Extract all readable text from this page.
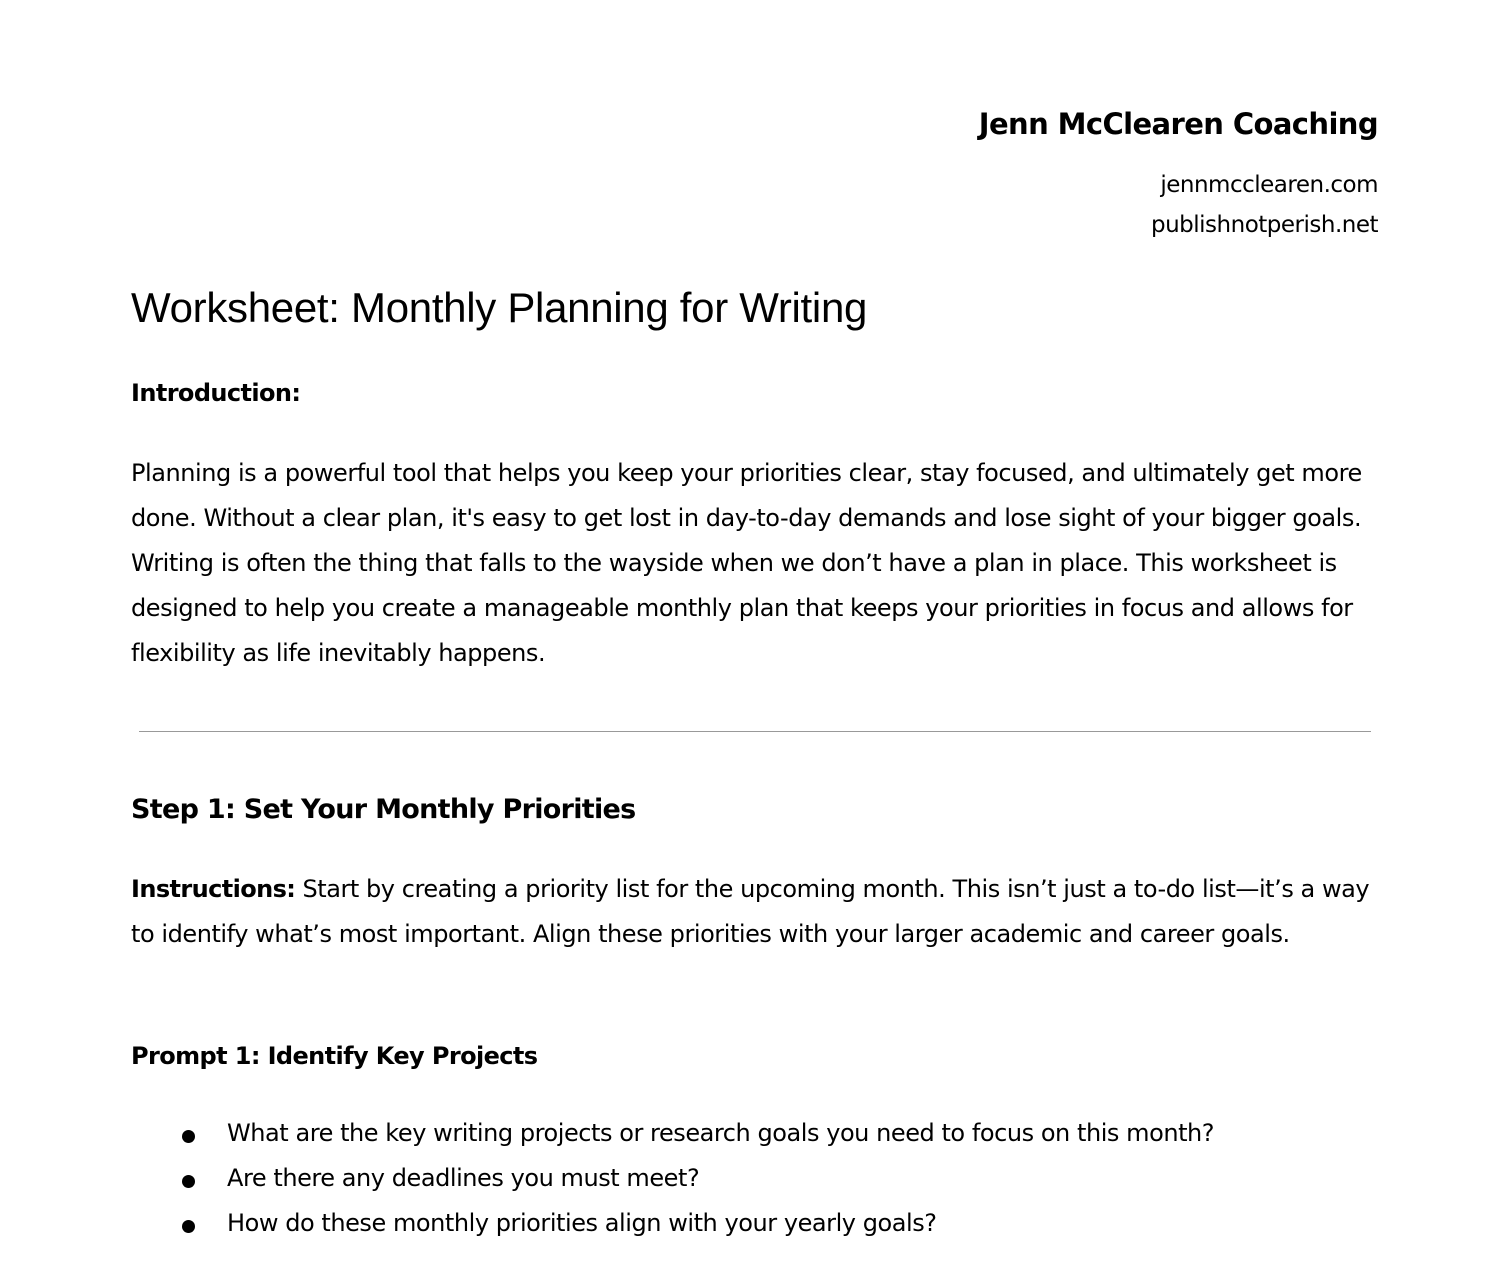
Jenn McClearen Coaching
jennmcclearen.com
publishnotperish.net
Worksheet: Monthly Planning for Writing

Introduction:

Planning is a powerful tool that helps you keep your priorities clear, stay focused, and ultimately get more done. Without a clear plan, it's easy to get lost in day-to-day demands and lose sight of your bigger goals. Writing is often the thing that falls to the wayside when we don’t have a plan in place. This worksheet is designed to help you create a manageable monthly plan that keeps your priorities in focus and allows for flexibility as life inevitably happens.

Step 1: Set Your Monthly Priorities

Instructions: Start by creating a priority list for the upcoming month. This isn’t just a to-do list—it’s a way to identify what’s most important. Align these priorities with your larger academic and career goals.

Prompt 1: Identify Key Projects

What are the key writing projects or research goals you need to focus on this month?
Are there any deadlines you must meet?
How do these monthly priorities align with your yearly goals?
